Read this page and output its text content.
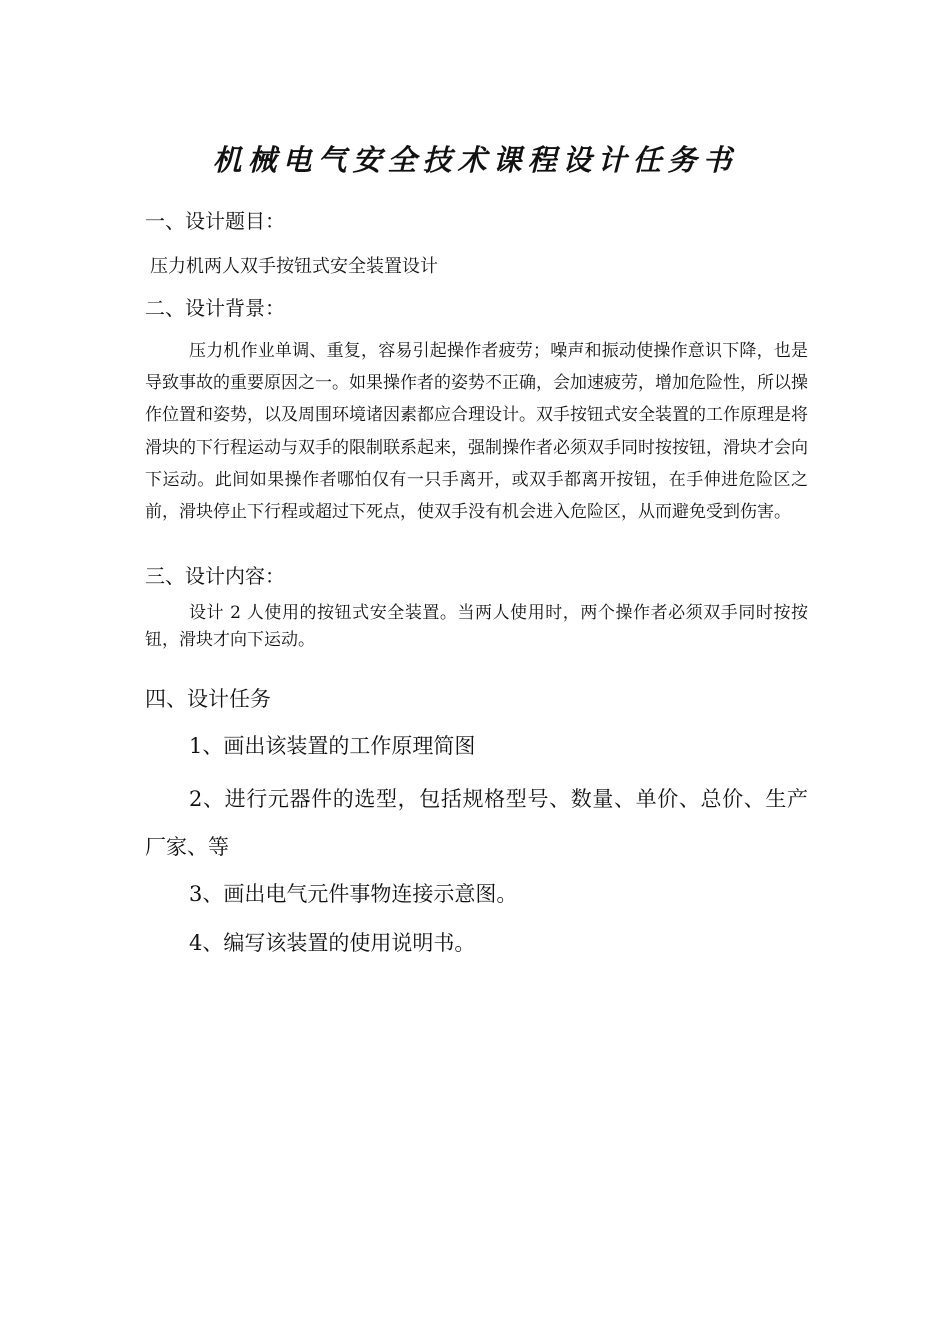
机械电气安全技术课程设计任务书
一、设计题目：

压力机两人双手按钮式安全装置设计

二、设计背景：

压力机作业单调、重复，容易引起操作者疲劳；噪声和振动使操作意识下降，也是导致事故的重要原因之一。如果操作者的姿势不正确，会加速疲劳，增加危险性，所以操作位置和姿势，以及周围环境诸因素都应合理设计。双手按钮式安全装置的工作原理是将滑块的下行程运动与双手的限制联系起来，强制操作者必须双手同时按按钮，滑块才会向下运动。此间如果操作者哪怕仅有一只手离开，或双手都离开按钮，在手伸进危险区之前，滑块停止下行程或超过下死点，使双手没有机会进入危险区，从而避免受到伤害。

三、设计内容：

设计 2 人使用的按钮式安全装置。当两人使用时，两个操作者必须双手同时按按钮，滑块才向下运动。

四、设计任务

1、画出该装置的工作原理简图

2、进行元器件的选型，包括规格型号、数量、单价、总价、生产厂家、等

3、画出电气元件事物连接示意图。

4、编写该装置的使用说明书。
